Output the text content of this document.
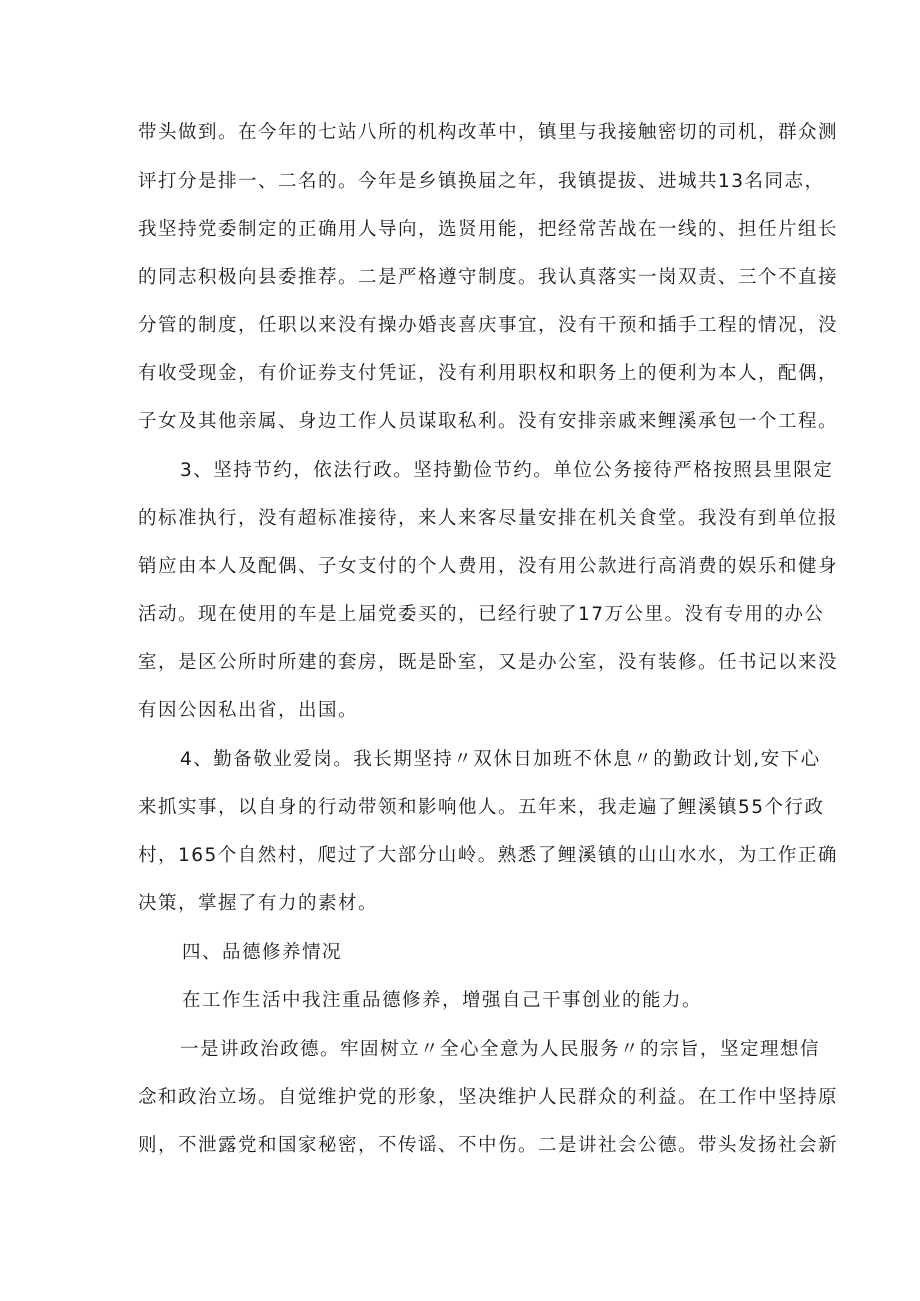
带头做到。在今年的七站八所的机构改革中，镇里与我接触密切的司机，群众测
评打分是排一、二名的。今年是乡镇换届之年，我镇提拔、进城共13名同志，
我坚持党委制定的正确用人导向，选贤用能，把经常苦战在一线的、担任片组长
的同志积极向县委推荐。二是严格遵守制度。我认真落实一岗双责、三个不直接
分管的制度，任职以来没有操办婚丧喜庆事宜，没有干预和插手工程的情况，没
有收受现金，有价证券支付凭证，没有利用职权和职务上的便利为本人，配偶，
子女及其他亲属、身边工作人员谋取私利。没有安排亲戚来鲤溪承包一个工程。
3、坚持节约，依法行政。坚持勤俭节约。单位公务接待严格按照县里限定
的标准执行，没有超标准接待，来人来客尽量安排在机关食堂。我没有到单位报
销应由本人及配偶、子女支付的个人费用，没有用公款进行高消费的娱乐和健身
活动。现在使用的车是上届党委买的，已经行驶了17万公里。没有专用的办公
室，是区公所时所建的套房，既是卧室，又是办公室，没有装修。任书记以来没
有因公因私出省，出国。
4、勤备敬业爱岗。我长期坚持〃双休日加班不休息〃的勤政计划,安下心
来抓实事，以自身的行动带领和影响他人。五年来，我走遍了鲤溪镇55个行政
村，165个自然村，爬过了大部分山岭。熟悉了鲤溪镇的山山水水，为工作正确
决策，掌握了有力的素材。
四、品德修养情况
在工作生活中我注重品德修养，增强自己干事创业的能力。
一是讲政治政德。牢固树立〃全心全意为人民服务〃的宗旨，坚定理想信
念和政治立场。自觉维护党的形象，坚决维护人民群众的利益。在工作中坚持原
则，不泄露党和国家秘密，不传谣、不中伤。二是讲社会公德。带头发扬社会新
